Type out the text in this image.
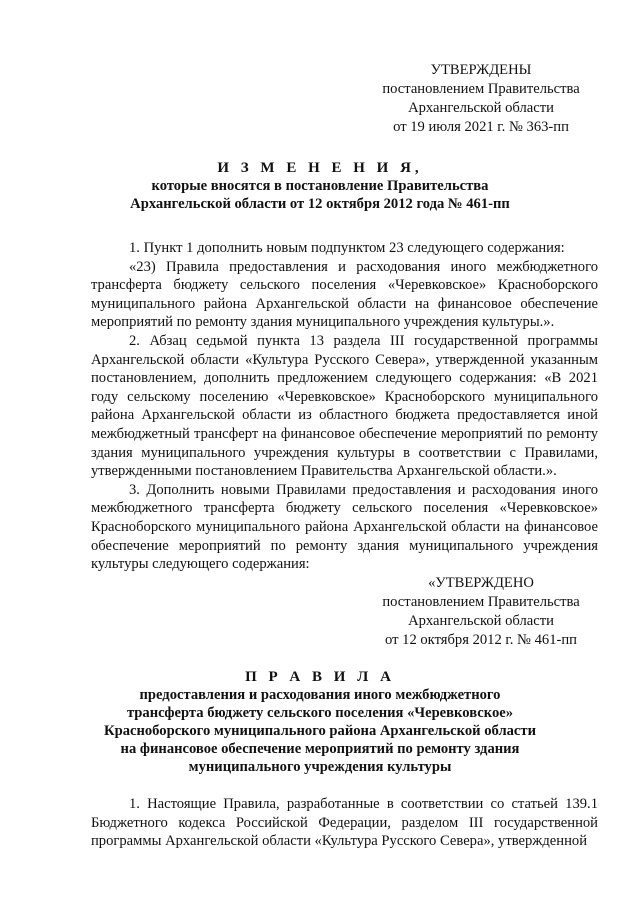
УТВЕРЖДЕНЫ
постановлением Правительства
Архангельской области
от 19 июля 2021 г. № 363-пп
И З М Е Н Е Н И Я,
которые вносятся в постановление Правительства
Архангельской области от 12 октября 2012 года № 461-пп

1. Пункт 1 дополнить новым подпунктом 23 следующего содержания:

«23) Правила предоставления и расходования иного межбюджетного трансферта бюджету сельского поселения «Черевковское» Красноборского муниципального района Архангельской области на финансовое обеспечение мероприятий по ремонту здания муниципального учреждения культуры.».

2. Абзац седьмой пункта 13 раздела III государственной программы Архангельской области «Культура Русского Севера», утвержденной указанным постановлением, дополнить предложением следующего содержания: «В 2021 году сельскому поселению «Черевковское» Красноборского муниципального района Архангельской области из областного бюджета предоставляется иной межбюджетный трансферт на финансовое обеспечение мероприятий по ремонту здания муниципального учреждения культуры в соответствии с Правилами, утвержденными постановлением Правительства Архангельской области.».

3. Дополнить новыми Правилами предоставления и расходования иного межбюджетного трансферта бюджету сельского поселения «Черевковское» Красноборского муниципального района Архангельской области на финансовое обеспечение мероприятий по ремонту здания муниципального учреждения культуры следующего содержания:

«УТВЕРЖДЕНО
постановлением Правительства
Архангельской области
от 12 октября 2012 г. № 461-пп
П Р А В И Л А
предоставления и расходования иного межбюджетного
трансферта бюджету сельского поселения «Черевковское»
Красноборского муниципального района Архангельской области
на финансовое обеспечение мероприятий по ремонту здания
муниципального учреждения культуры

1. Настоящие Правила, разработанные в соответствии со статьей 139.1 Бюджетного кодекса Российской Федерации, разделом III государственной программы Архангельской области «Культура Русского Севера», утвержденной
